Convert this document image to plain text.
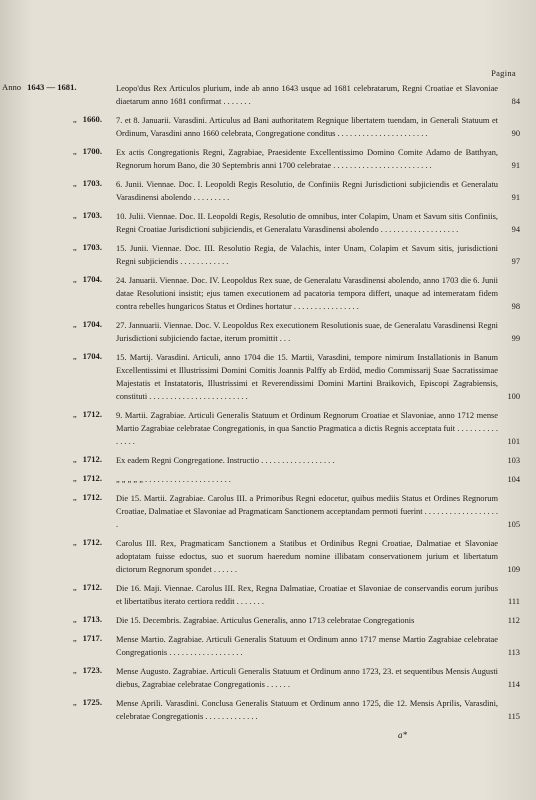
Pagina
Anno 1643 — 1681.	Leopo'dus Rex Articulos plurium, inde ab anno 1643 usque ad 1681 celebratarum, Regni Croatiae et Slavoniae diaetarum anno 1681 confirmat . . . . . . .	84
„ 1660. 7. et 8. Januarii. Varasdini. Articulus ad Bani authoritatem Regnique libertatem tuendam, in Generali Statuum et Ordinum, Varasdini anno 1660 celebrata, Congregatione conditus . . . . . . . . . . . . . . . . . . . . . .	90
„ 1700. Ex actis Congregationis Regni, Zagrabiae, Praesidente Excellentissimo Domino Comite Adamo de Batthyan, Regnorum horum Bano, die 30 Septembris anni 1700 celebratae . . . . . . . . . . . . . . . . . . . . . . . .	91
„ 1703. 6. Junii. Viennae. Doc. I. Leopoldi Regis Resolutio, de Confiniis Regni Jurisdictioni subjiciendis et Generalatu Varasdinensi abolendo . . . . . . . . .	91
„ 1703. 10. Julii. Viennae. Doc. II. Leopoldi Regis, Resolutio de omnibus, inter Colapim, Unam et Savum sitis Confiniis, Regni Croatiae Jurisdictioni subjiciendis, et Generalatu Varasdinensi abolendo . . . . . . . . . . . . . . . . . . .	94
„ 1703. 15. Junii. Viennae. Doc. III. Resolutio Regia, de Valachis, inter Unam, Colapim et Savum sitis, jurisdictioni Regni subjiciendis . . . . . . . . . . . .	97
„ 1704. 24. Januarii. Viennae. Doc. IV. Leopoldus Rex suae, de Generalatu Varasdinensi abolendo, anno 1703 die 6. Junii datae Resolutioni insistit; ejus tamen executionem ad pacatoria tempora differt, unaque ad intemeratam fidem contra rebelles hungaricos Status et Ordines hortatur . . . . . . . . . . . . . . . .	98
„ 1704. 27. Jannuarii. Viennae. Doc. V. Leopoldus Rex executionem Resolutionis suae, de Generalatu Varasdinensi Regni Jurisdictioni subjiciendo factae, iterum promittit . . .	99
„ 1704. 15. Martij. Varasdini. Articuli, anno 1704 die 15. Martii, Varasdini, tempore nimirum Installationis in Banum Excellentissimi et Illustrissimi Domini Comitis Joannis Palffy ab Erdöd, medio Commissarij Suae Sacratissimae Majestatis et Instatatoris, Illustrissimi et Reverendissimi Domini Martini Braikovich, Episcopi Zagrabiensis, constituti . . . . . . . . . . . . . . . . . . . . . . . .	100
„ 1712. 9. Martii. Zagrabiae. Articuli Generalis Statuum et Ordinum Regnorum Croatiae et Slavoniae, anno 1712 mense Martio Zagrabiae celebratae Congregationis, in qua Sanctio Pragmatica a dictis Regnis acceptata fuit . . . . . . . . . . . . . . .	101
„ 1712. Ex eadem Regni Congregatione. Instructio . . . . . . . . . . . . . . . . . .	103
„ 1712. „ „ „ „ „ . . . . . . . . . . . . . . . . . . . . .	104
„ 1712. Die 15. Martii. Zagrabiae. Carolus III. a Primoribus Regni edocetur, quibus mediis Status et Ordines Regnorum Croatiae, Dalmatiae et Slavoniae ad Pragmaticam Sanctionem acceptandam permoti fuerint . . . . . . . . . . . . . . . . . . .	105
„ 1712. Carolus III. Rex, Pragmaticam Sanctionem a Statibus et Ordinibus Regni Croatiae, Dalmatiae et Slavoniae adoptatam fuisse edoctus, suo et suorum haeredum nomine illibatam conservationem jurium et libertatum dictorum Regnorum spondet . . . . . .	109
„ 1712. Die 16. Maji. Viennae. Carolus III. Rex, Regna Dalmatiae, Croatiae et Slavoniae de conservandis eorum juribus et libertatibus iterato certiora reddit . . . . . . .	111
„ 1713. Die 15. Decembris. Zagrabiae. Articulus Generalis, anno 1713 celebratae Congregationis	112
„ 1717. Mense Martio. Zagrabiae. Articuli Generalis Statuum et Ordinum anno 1717 mense Martio Zagrabiae celebratae Congregationis . . . . . . . . . . . . . . . . . .	113
„ 1723. Mense Augusto. Zagrabiae. Articuli Generalis Statuum et Ordinum anno 1723, 23. et sequentibus Mensis Augusti diebus, Zagrabiae celebratae Congregationis . . . . . .	114
„ 1725. Mense Aprili. Varasdini. Conclusa Generalis Statuum et Ordinum anno 1725, die 12. Mensis Aprilis, Varasdini, celebratae Congregationis . . . . . . . . . . . . .	115
a*
